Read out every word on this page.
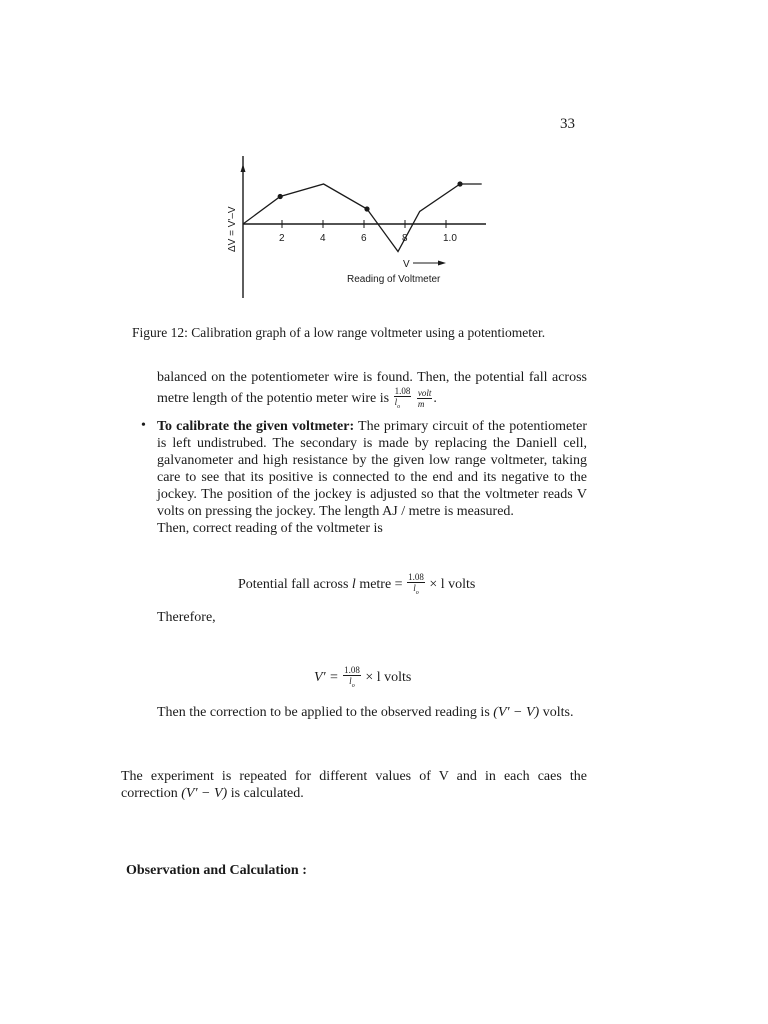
33
ΔV = V'–V	2	4	6	8	1.0
V
Reading of Voltmeter
Figure 12: Calibration graph of a low range voltmeter using a potentiometer.
balanced on the potentiometer wire is found. Then, the potential fall across metre length of the potentio meter wire is $\frac{1.08}{l_o}$
$\frac{\text{volt}}{m}$ .
• To calibrate the given voltmeter: The primary circuit of the potentiometer is left undistrubed. The secondary is made by replacing the Daniell cell, galvanometer and high resistance by the given low range voltmeter, taking care to see that its positive is connected to the end and its negative to the jockey. The position of the jockey is adjusted so that the voltmeter reads V volts on pressing the jockey. The length AJ / metre is measured.
Then, correct reading of the voltmeter is
Potential fall across l metre = $\frac{1.08}{l_o} \times l$ volts
Therefore,
$V' = \frac{1.08}{l_o} \times l$ volts
Then the correction to be applied to the observed reading is (V′ − V) volts.
The experiment is repeated for different values of V and in each caes the correction (V′ − V) is calculated.
Observation and Calculation :
